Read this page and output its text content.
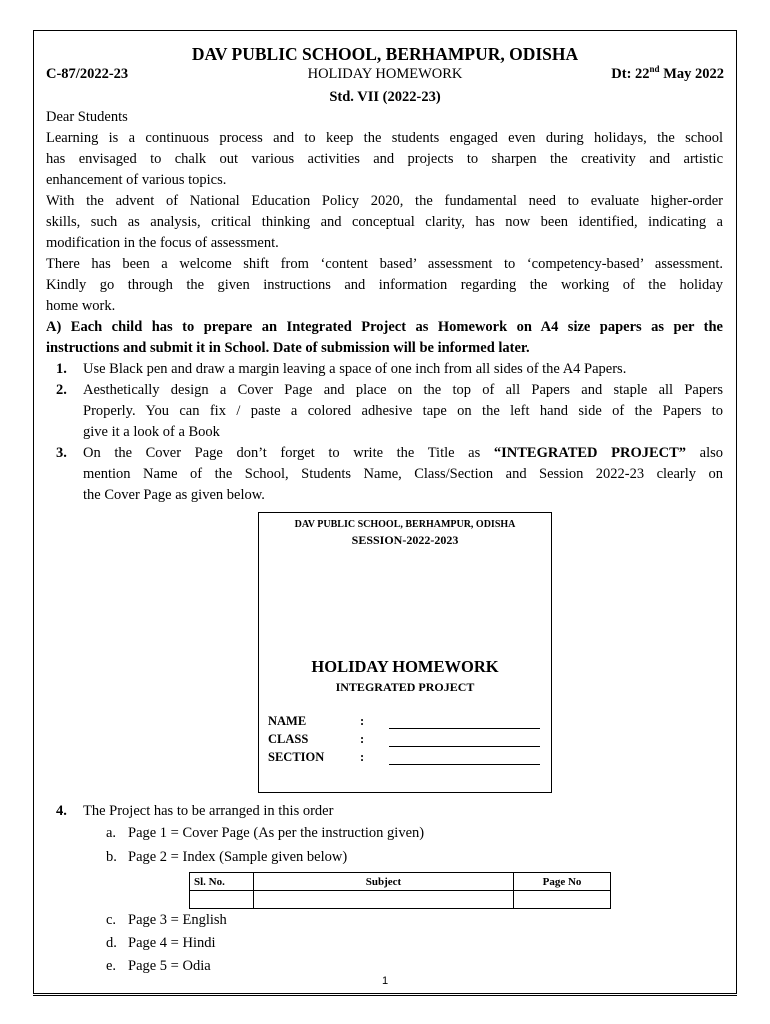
DAV PUBLIC SCHOOL, BERHAMPUR, ODISHA
C-87/2022-23	HOLIDAY HOMEWORK	Dt: 22nd May 2022
Std. VII (2022-23)
Dear Students
Learning is a continuous process and to keep the students engaged even during holidays, the school
has envisaged to chalk out various activities and projects to sharpen the creativity and artistic
enhancement of various topics.
With the advent of National Education Policy 2020, the fundamental need to evaluate higher-order
skills, such as analysis, critical thinking and conceptual clarity, has now been identified, indicating a
modification in the focus of assessment.
There has been a welcome shift from ‘content based’ assessment to ‘competency-based’ assessment.
Kindly go through the given instructions and information regarding the working of the holiday
home work.
A) Each child has to prepare an Integrated Project as Homework on A4 size papers as per the
instructions and submit it in School. Date of submission will be informed later.
1. Use Black pen and draw a margin leaving a space of one inch from all sides of the A4 Papers.
2. Aesthetically design a Cover Page and place on the top of all Papers and staple all Papers
Properly. You can fix / paste a colored adhesive tape on the left hand side of the Papers to
give it a look of a Book
3. On the Cover Page don’t forget to write the Title as “INTEGRATED PROJECT” also
mention Name of the School, Students Name, Class/Section and Session 2022-23 clearly on
the Cover Page as given below.
DAV PUBLIC SCHOOL, BERHAMPUR, ODISHA
SESSION-2022-2023
HOLIDAY HOMEWORK
INTEGRATED PROJECT
NAME	:
CLASS	:
SECTION	:
4. The Project has to be arranged in this order
a. Page 1 = Cover Page (As per the instruction given)
b. Page 2 = Index (Sample given below)
Sl. No.	Subject	Page No

c. Page 3 = English
d. Page 4 = Hindi
e. Page 5 = Odia
1
